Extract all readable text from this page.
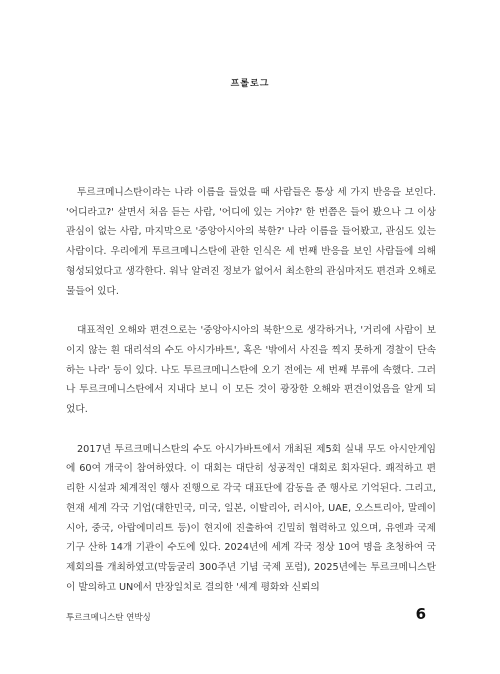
프롤로그

투르크메니스탄이라는 나라 이름을 들었을 때 사람들은 통상 세 가지 반응을 보인다. '어디라고?' 살면서 처음 듣는 사람, '어디에 있는 거야?' 한 번쯤은 들어 봤으나 그 이상 관심이 없는 사람, 마지막으로 '중앙아시아의 북한?' 나라 이름을 들어봤고, 관심도 있는 사람이다. 우리에게 투르크메니스탄에 관한 인식은 세 번째 반응을 보인 사람들에 의해 형성되었다고 생각한다. 워낙 알려진 정보가 없어서 최소한의 관심마저도 편견과 오해로 물들어 있다.

대표적인 오해와 편견으로는 '중앙아시아의 북한'으로 생각하거나, '거리에 사람이 보이지 않는 흰 대리석의 수도 아시가바트', 혹은 '밖에서 사진을 찍지 못하게 경찰이 단속하는 나라' 등이 있다. 나도 투르크메니스탄에 오기 전에는 세 번째 부류에 속했다. 그러나 투르크메니스탄에서 지내다 보니 이 모든 것이 광장한 오해와 편견이었음을 알게 되었다.

2017년 투르크메니스탄의 수도 아시가바트에서 개최된 제5회 실내 무도 아시안게임에 60여 개국이 참여하였다. 이 대회는 대단히 성공적인 대회로 회자된다. 쾌적하고 편리한 시설과 체계적인 행사 진행으로 각국 대표단에 감동을 준 행사로 기억된다. 그리고, 현재 세계 각국 기업(대한민국, 미국, 일본, 이탈리아, 러시아, UAE, 오스트리아, 말레이시아, 중국, 아랍에미리트 등)이 현지에 진출하여 긴밀히 협력하고 있으며, 유엔과 국제기구 산하 14개 기관이 수도에 있다. 2024년에 세계 각국 정상 10여 명을 초청하여 국제회의를 개최하였고(막둠굴리 300주년 기념 국제 포럼), 2025년에는 투르크메니스탄이 발의하고 UN에서 만장일치로 결의한 '세계 평화와 신뢰의

투르크메니스탄 연박싱	6
